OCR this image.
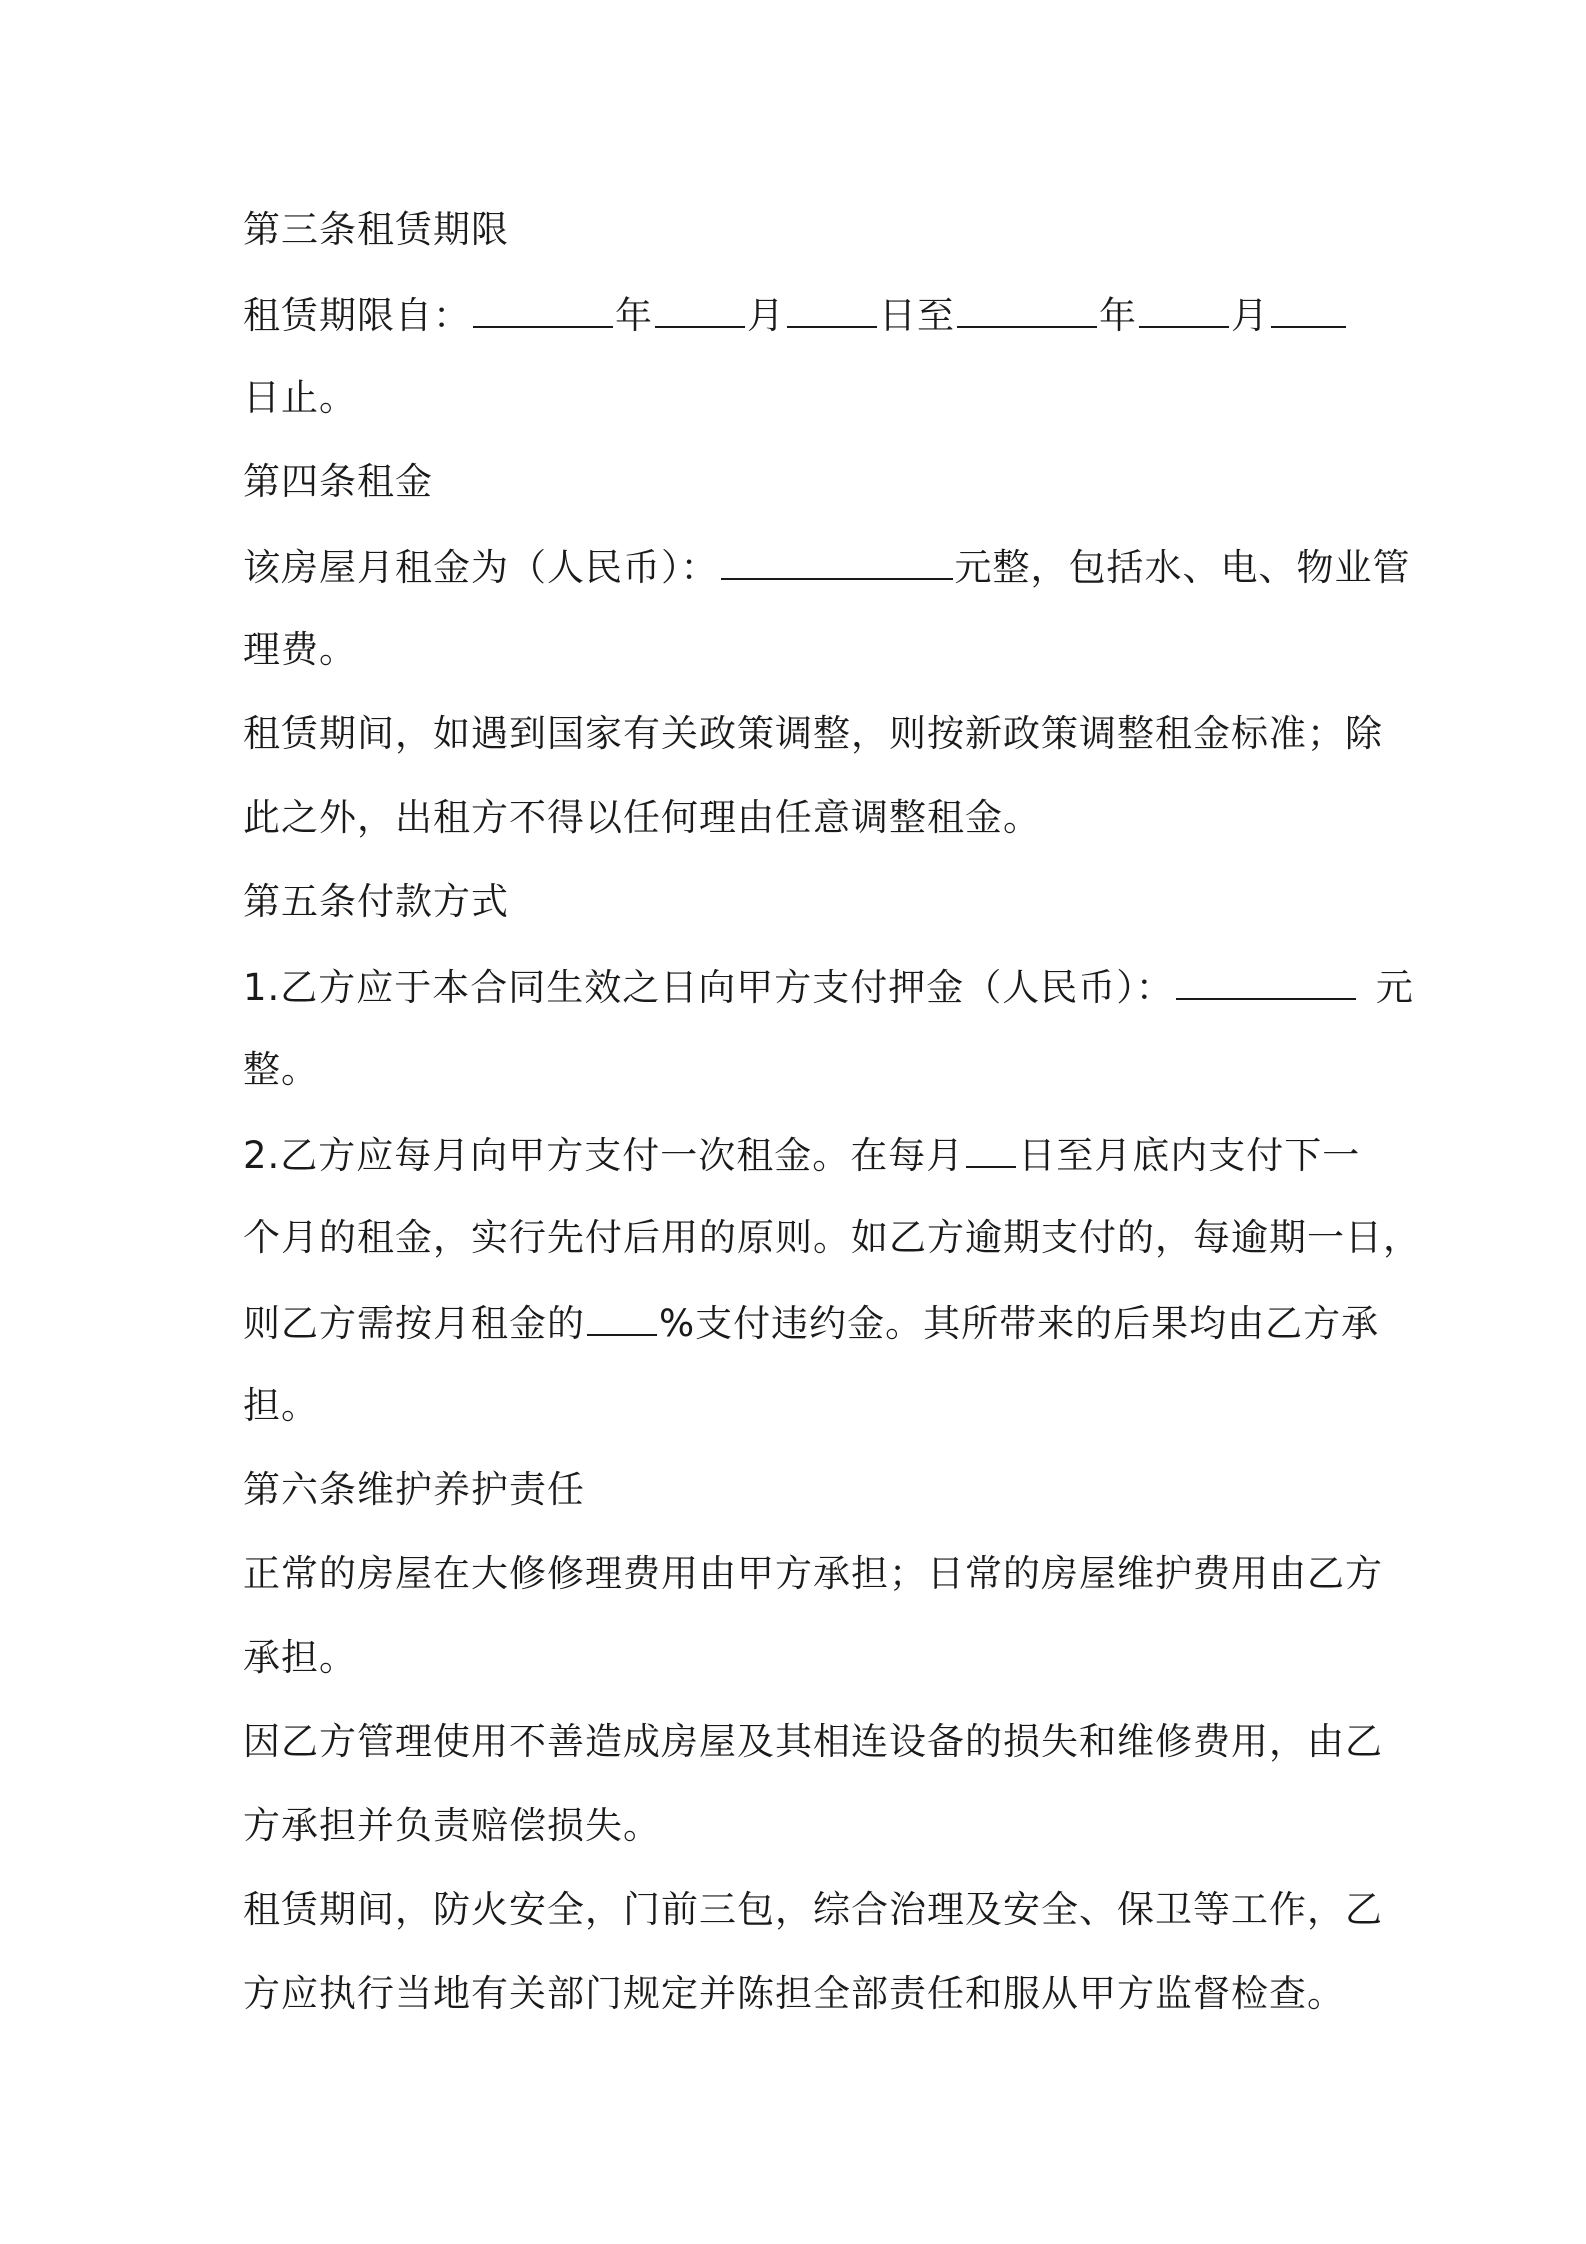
第三条租赁期限
租赁期限自：	年	月	日至	年	月
日止。
第四条租金
该房屋月租金为（人民币）：	元整，包括水、电、物业管
理费。
租赁期间，如遇到国家有关政策调整，则按新政策调整租金标准；除
此之外，出租方不得以任何理由任意调整租金。
第五条付款方式
1.乙方应于本合同生效之日向甲方支付押金（人民币）：	元
整。
2.乙方应每月向甲方支付一次租金。在每月 日至月底内支付下一
个月的租金，实行先付后用的原则。如乙方逾期支付的，每逾期一日，
则乙方需按月租金的 %支付违约金。其所带来的后果均由乙方承
担。
第六条维护养护责任
正常的房屋在大修修理费用由甲方承担；日常的房屋维护费用由乙方
承担。
因乙方管理使用不善造成房屋及其相连设备的损失和维修费用，由乙
方承担并负责赔偿损失。
租赁期间，防火安全，门前三包，综合治理及安全、保卫等工作，乙
方应执行当地有关部门规定并陈担全部责任和服从甲方监督检查。
